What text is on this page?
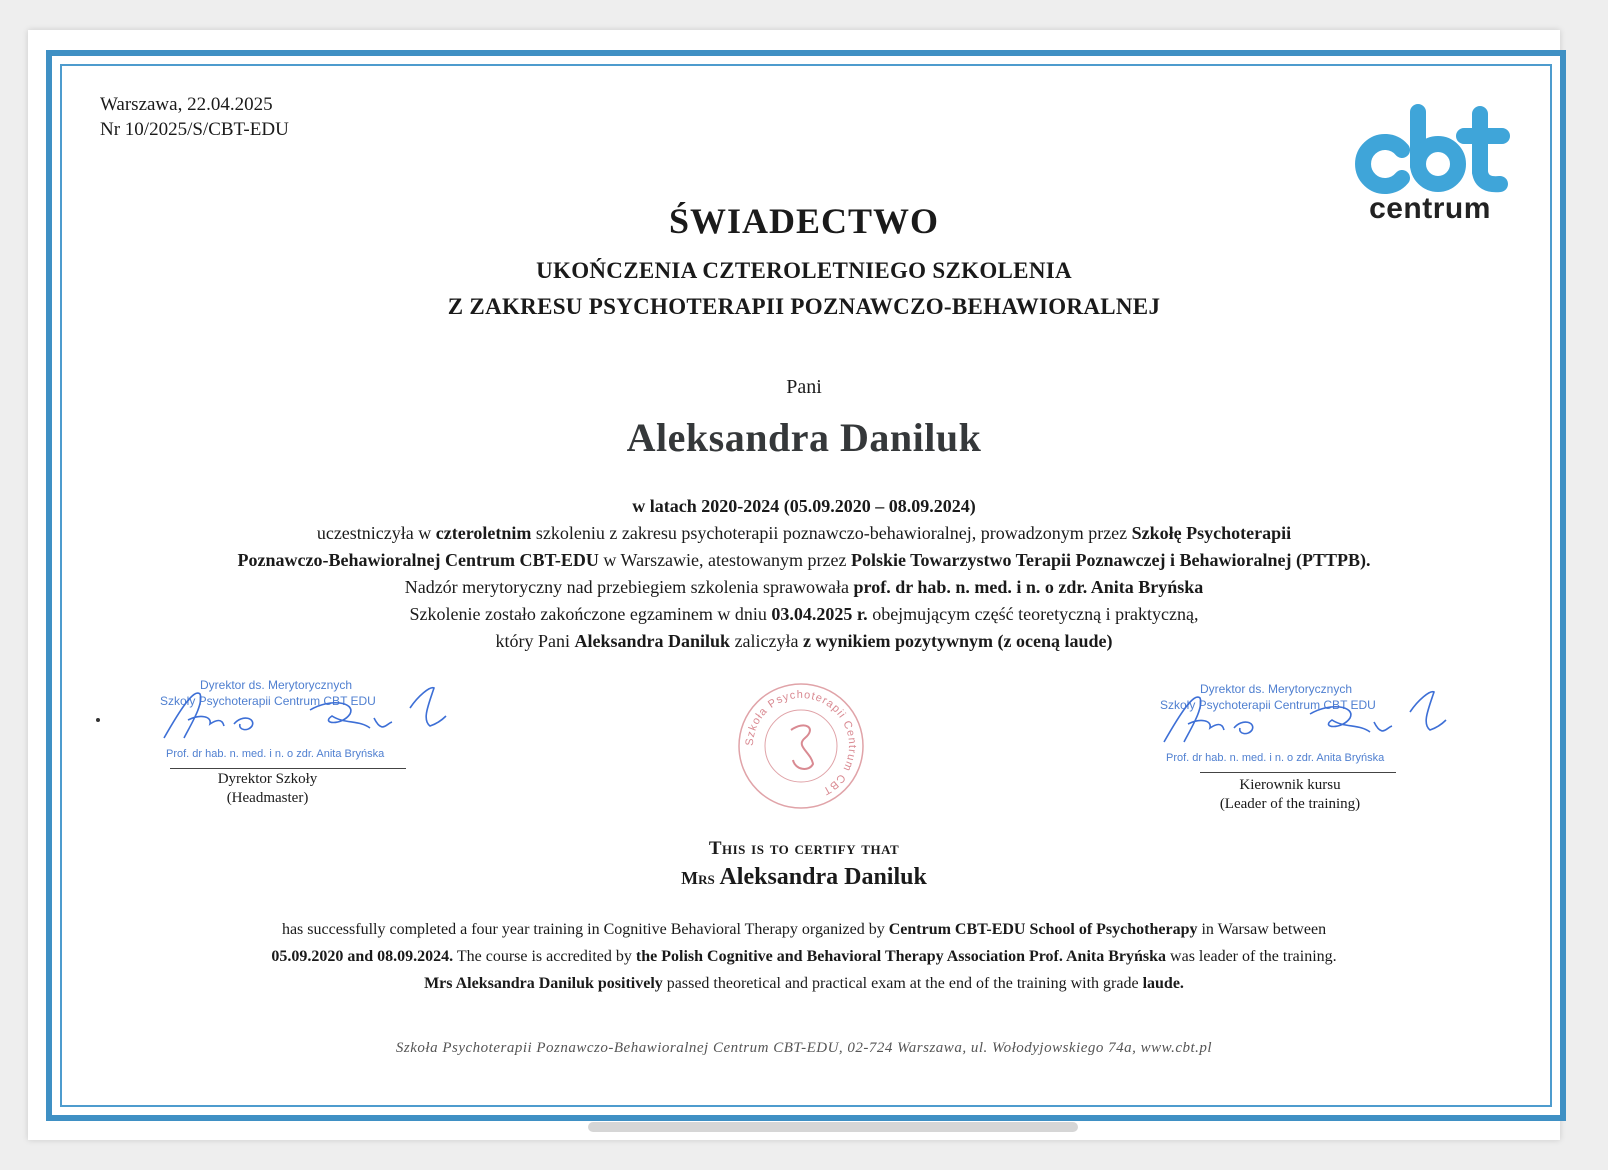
Warszawa, 22.04.2025
Nr 10/2025/S/CBT-EDU
centrum
ŚWIADECTWO
UKOŃCZENIA CZTEROLETNIEGO SZKOLENIA
Z ZAKRESU PSYCHOTERAPII POZNAWCZO-BEHAWIORALNEJ
Pani
Aleksandra Daniluk
w latach 2020-2024 (05.09.2020 – 08.09.2024)
uczestniczyła w czteroletnim szkoleniu z zakresu psychoterapii poznawczo-behawioralnej, prowadzonym przez Szkołę Psychoterapii
Poznawczo-Behawioralnej Centrum CBT-EDU w Warszawie, atestowanym przez Polskie Towarzystwo Terapii Poznawczej i Behawioralnej (PTTPB).
Nadzór merytoryczny nad przebiegiem szkolenia sprawowała prof. dr hab. n. med. i n. o zdr. Anita Bryńska
Szkolenie zostało zakończone egzaminem w dniu 03.04.2025 r. obejmującym część teoretyczną i praktyczną,
który Pani Aleksandra Daniluk zaliczyła z wynikiem pozytywnym (z oceną laude)
Dyrektor ds. Merytorycznych
Szkoły Psychoterapii Centrum CBT EDU
Prof. dr hab. n. med. i n. o zdr. Anita Bryńska
Dyrektor Szkoły
(Headmaster)
Szkoła Psychoterapii Centrum CBT
Dyrektor ds. Merytorycznych
Szkoły Psychoterapii Centrum CBT EDU
Prof. dr hab. n. med. i n. o zdr. Anita Bryńska
Kierownik kursu
(Leader of the training)
This is to certify that
Mrs Aleksandra Daniluk
has successfully completed a four year training in Cognitive Behavioral Therapy organized by Centrum CBT-EDU School of Psychotherapy in Warsaw between
05.09.2020 and 08.09.2024. The course is accredited by the Polish Cognitive and Behavioral Therapy Association Prof. Anita Bryńska was leader of the training.
Mrs Aleksandra Daniluk positively passed theoretical and practical exam at the end of the training with grade laude.
Szkoła Psychoterapii Poznawczo-Behawioralnej Centrum CBT-EDU, 02-724 Warszawa, ul. Wołodyjowskiego 74a, www.cbt.pl
